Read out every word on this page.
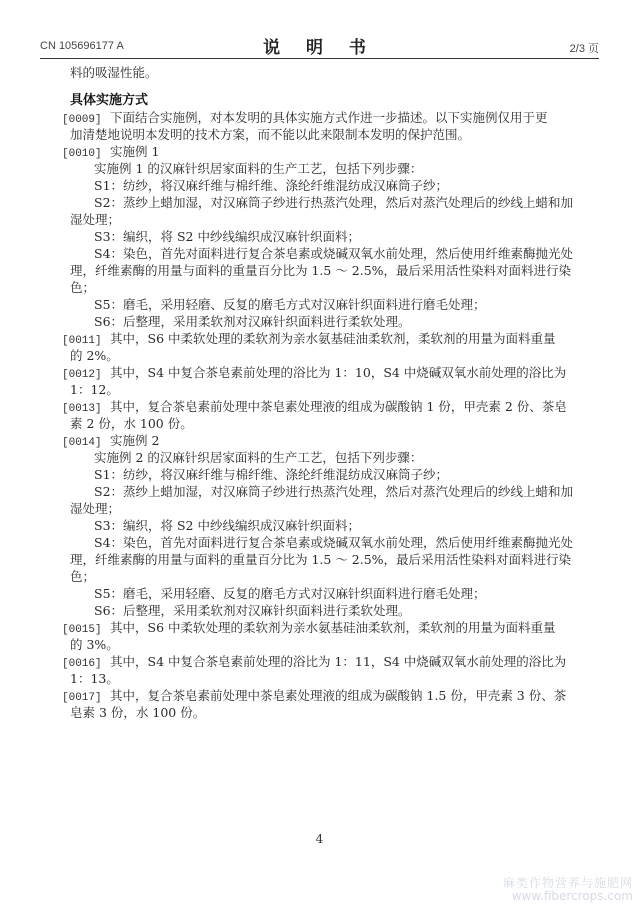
CN 105696177 A	说 明 书	2/3 页
料的吸湿性能。
具体实施方式
[0009] 下面结合实施例，对本发明的具体实施方式作进一步描述。以下实施例仅用于更
加清楚地说明本发明的技术方案，而不能以此来限制本发明的保护范围。
[0010] 实施例 1
实施例 1 的汉麻针织居家面料的生产工艺，包括下列步骤：
S1：纺纱，将汉麻纤维与棉纤维、涤纶纤维混纺成汉麻筒子纱；
S2：蒸纱上蜡加湿，对汉麻筒子纱进行热蒸汽处理，然后对蒸汽处理后的纱线上蜡和加
湿处理；
S3：编织，将 S2 中纱线编织成汉麻针织面料；
S4：染色，首先对面料进行复合茶皂素或烧碱双氧水前处理，然后使用纤维素酶抛光处
理，纤维素酶的用量与面料的重量百分比为 1.5 ～ 2.5%，最后采用活性染料对面料进行染
色；
S5：磨毛，采用轻磨、反复的磨毛方式对汉麻针织面料进行磨毛处理；
S6：后整理，采用柔软剂对汉麻针织面料进行柔软处理。
[0011] 其中，S6 中柔软处理的柔软剂为亲水氨基硅油柔软剂，柔软剂的用量为面料重量
的 2%。
[0012] 其中，S4 中复合茶皂素前处理的浴比为 1：10，S4 中烧碱双氧水前处理的浴比为
1：12。
[0013] 其中，复合茶皂素前处理中茶皂素处理液的组成为碳酸钠 1 份，甲壳素 2 份、茶皂
素 2 份，水 100 份。
[0014] 实施例 2
实施例 2 的汉麻针织居家面料的生产工艺，包括下列步骤：
S1：纺纱，将汉麻纤维与棉纤维、涤纶纤维混纺成汉麻筒子纱；
S2：蒸纱上蜡加湿，对汉麻筒子纱进行热蒸汽处理，然后对蒸汽处理后的纱线上蜡和加
湿处理；
S3：编织，将 S2 中纱线编织成汉麻针织面料；
S4：染色，首先对面料进行复合茶皂素或烧碱双氧水前处理，然后使用纤维素酶抛光处
理，纤维素酶的用量与面料的重量百分比为 1.5 ～ 2.5%，最后采用活性染料对面料进行染
色；
S5：磨毛，采用轻磨、反复的磨毛方式对汉麻针织面料进行磨毛处理；
S6：后整理，采用柔软剂对汉麻针织面料进行柔软处理。
[0015] 其中，S6 中柔软处理的柔软剂为亲水氨基硅油柔软剂，柔软剂的用量为面料重量
的 3%。
[0016] 其中，S4 中复合茶皂素前处理的浴比为 1：11，S4 中烧碱双氧水前处理的浴比为
1：13。
[0017] 其中，复合茶皂素前处理中茶皂素处理液的组成为碳酸钠 1.5 份，甲壳素 3 份、茶
皂素 3 份，水 100 份。
4
麻类作物营养与施肥网
www.fibercrops.com
